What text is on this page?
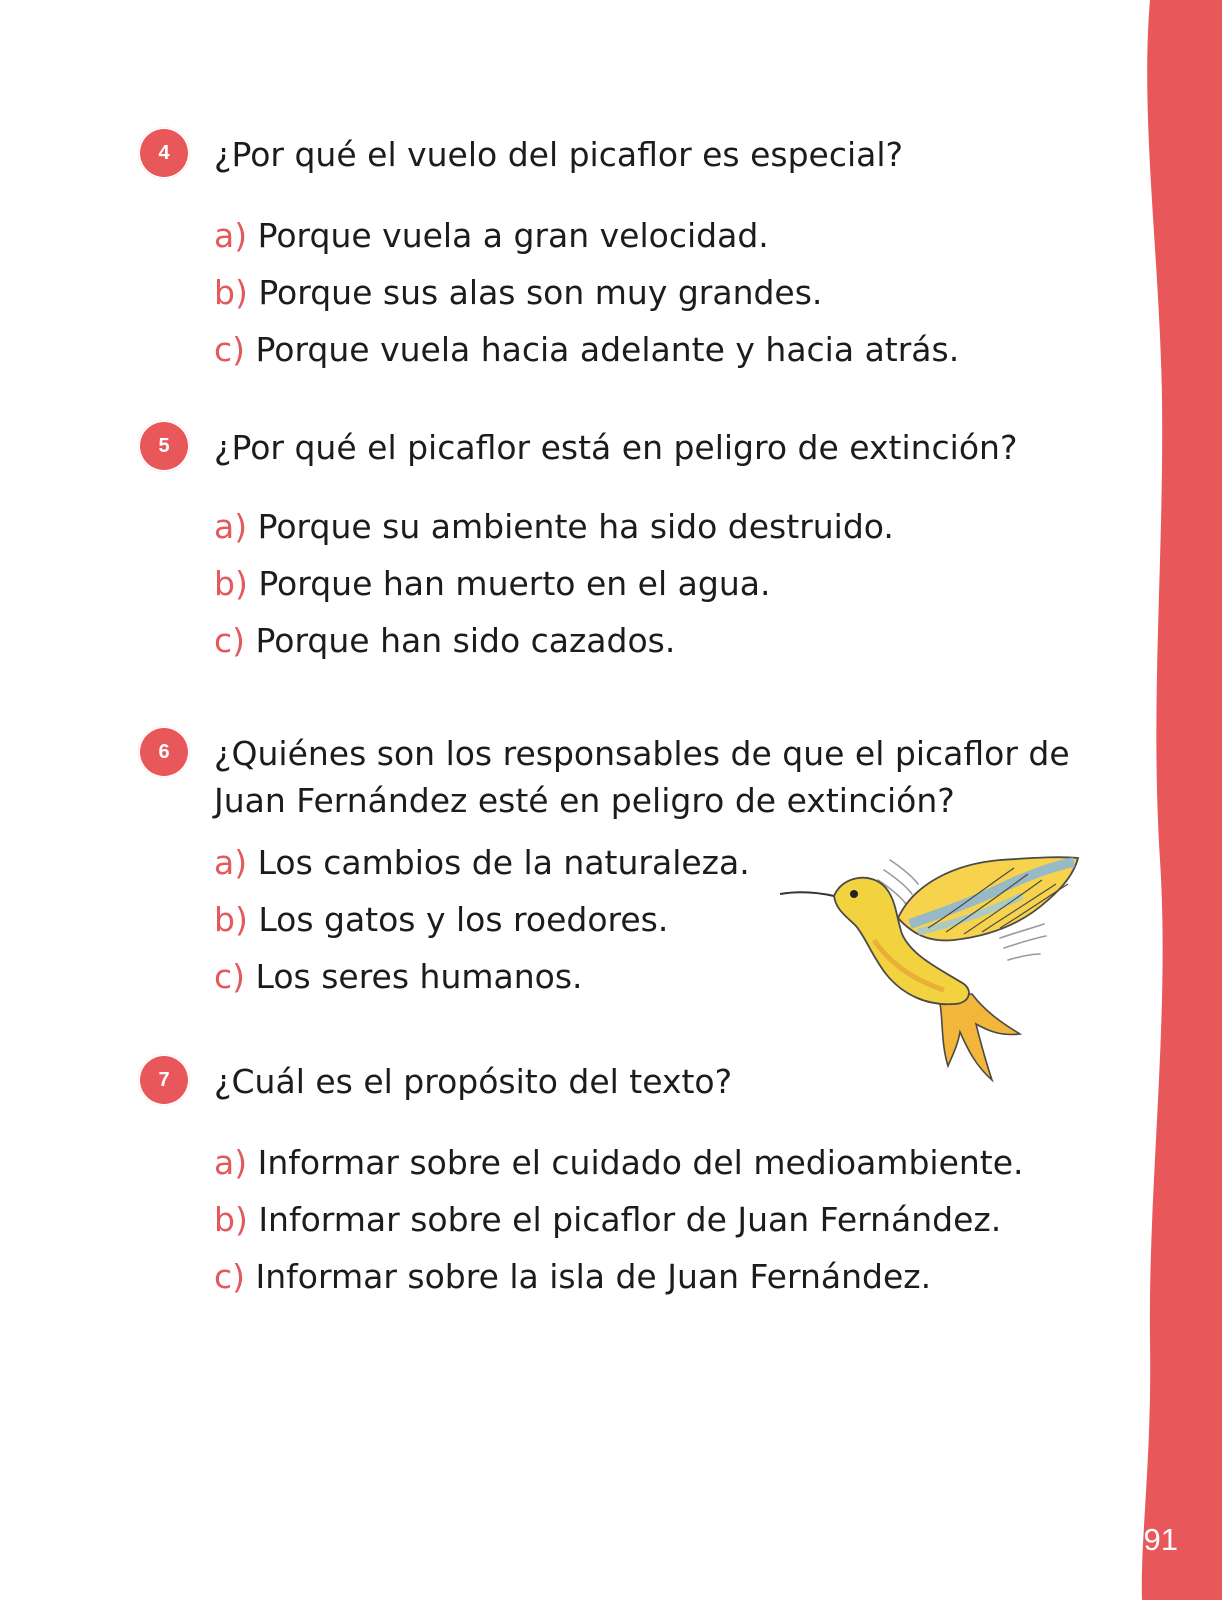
91
4	¿Por qué el vuelo del picaflor es especial?

a) Porque vuela a gran velocidad.
b) Porque sus alas son muy grandes.
c) Porque vuela hacia adelante y hacia atrás.
5	¿Por qué el picaflor está en peligro de extinción?

a) Porque su ambiente ha sido destruido.
b) Porque han muerto en el agua.
c) Porque han sido cazados.
6	¿Quiénes son los responsables de que el picaflor de Juan Fernández esté en peligro de extinción?

a) Los cambios de la naturaleza.
b) Los gatos y los roedores.
c) Los seres humanos.
7	¿Cuál es el propósito del texto?

a) Informar sobre el cuidado del medioambiente.
b) Informar sobre el picaflor de Juan Fernández.
c) Informar sobre la isla de Juan Fernández.
